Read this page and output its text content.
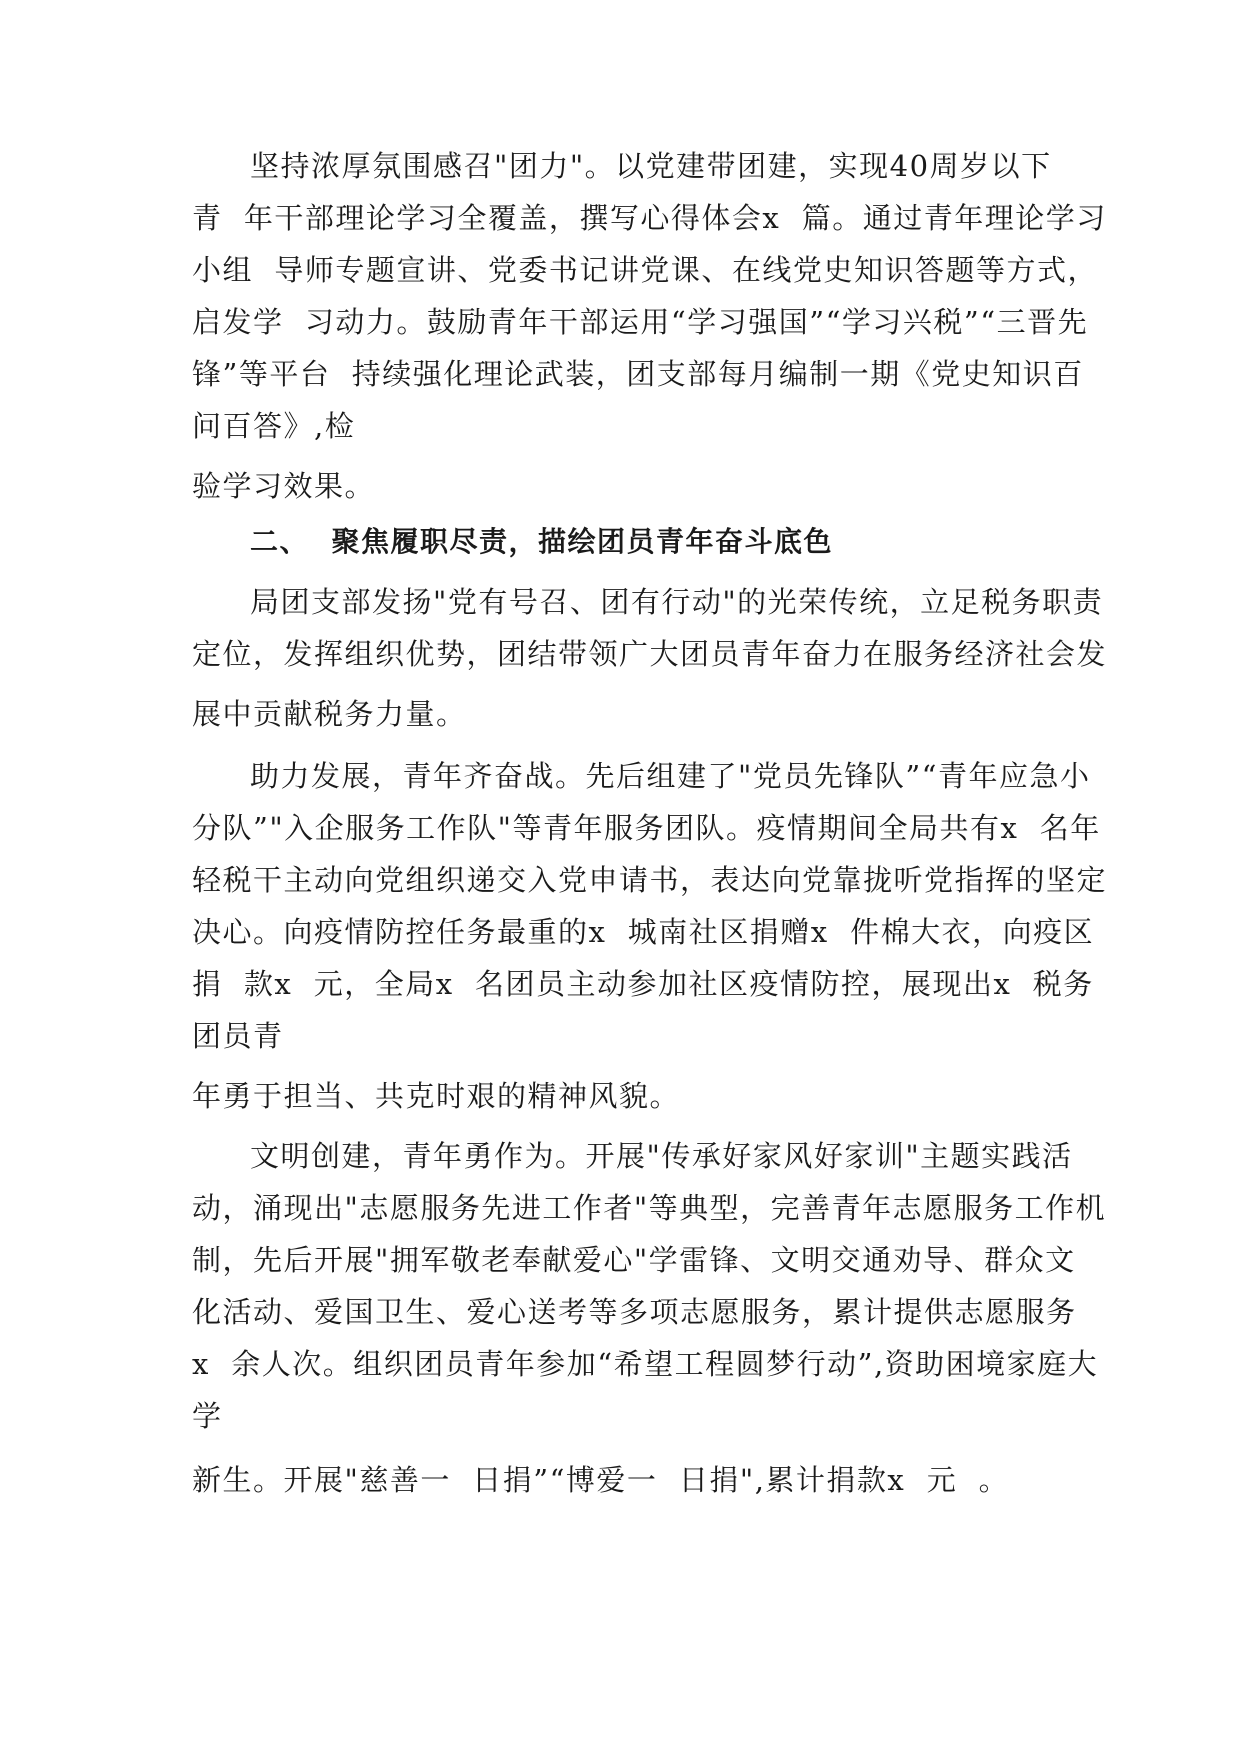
坚持浓厚氛围感召"团力"。以党建带团建，实现40周岁以下
青  年干部理论学习全覆盖，撰写心得体会x  篇。通过青年理论学习
小组  导师专题宣讲、党委书记讲党课、在线党史知识答题等方式，
启发学  习动力。鼓励青年干部运用“学习强国”“学习兴税”“三晋先
锋”等平台  持续强化理论武装，团支部每月编制一期《党史知识百
问百答》,检
验学习效果。
二、  聚焦履职尽责，描绘团员青年奋斗底色
局团支部发扬"党有号召、团有行动"的光荣传统，立足税务职责
定位，发挥组织优势，团结带领广大团员青年奋力在服务经济社会发
展中贡献税务力量。
助力发展，青年齐奋战。先后组建了"党员先锋队”“青年应急小
分队”"入企服务工作队"等青年服务团队。疫情期间全局共有x  名年
轻税干主动向党组织递交入党申请书，表达向党靠拢听党指挥的坚定
决心。向疫情防控任务最重的x  城南社区捐赠x  件棉大衣，向疫区
捐  款x  元，全局x  名团员主动参加社区疫情防控，展现出x  税务
团员青
年勇于担当、共克时艰的精神风貌。
文明创建，青年勇作为。开展"传承好家风好家训"主题实践活
动，涌现出"志愿服务先进工作者"等典型，完善青年志愿服务工作机
制，先后开展"拥军敬老奉献爱心"学雷锋、文明交通劝导、群众文
化活动、爱国卫生、爱心送考等多项志愿服务，累计提供志愿服务
x  余人次。组织团员青年参加“希望工程圆梦行动”,资助困境家庭大
学
新生。开展"慈善一  日捐”“博爱一  日捐",累计捐款x  元  。
